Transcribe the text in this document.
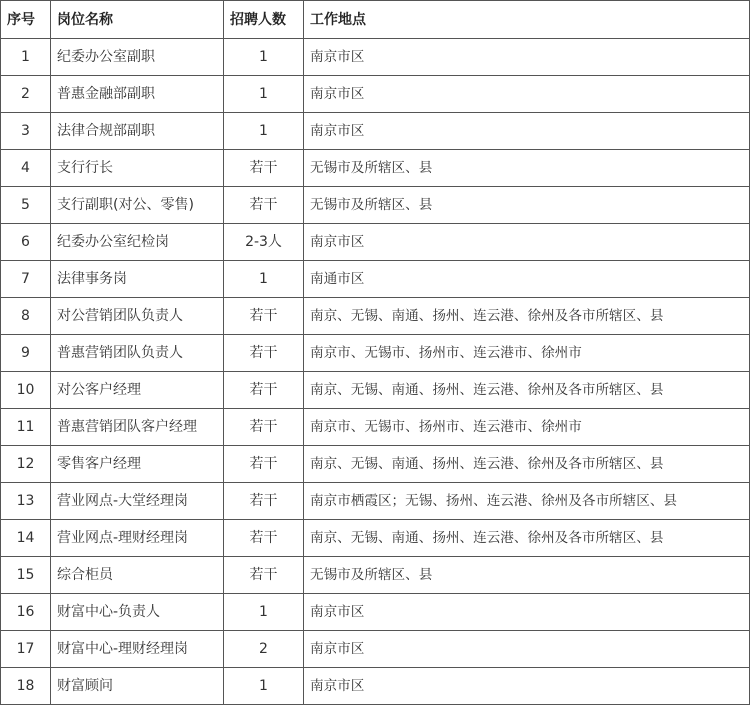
序号	岗位名称	招聘人数	工作地点
1	纪委办公室副职	1	南京市区
2	普惠金融部副职	1	南京市区
3	法律合规部副职	1	南京市区
4	支行行长	若干	无锡市及所辖区、县
5	支行副职(对公、零售)	若干	无锡市及所辖区、县
6	纪委办公室纪检岗	2-3人	南京市区
7	法律事务岗	1	南通市区
8	对公营销团队负责人	若干	南京、无锡、南通、扬州、连云港、徐州及各市所辖区、县
9	普惠营销团队负责人	若干	南京市、无锡市、扬州市、连云港市、徐州市
10	对公客户经理	若干	南京、无锡、南通、扬州、连云港、徐州及各市所辖区、县
11	普惠营销团队客户经理	若干	南京市、无锡市、扬州市、连云港市、徐州市
12	零售客户经理	若干	南京、无锡、南通、扬州、连云港、徐州及各市所辖区、县
13	营业网点-大堂经理岗	若干	南京市栖霞区；无锡、扬州、连云港、徐州及各市所辖区、县
14	营业网点-理财经理岗	若干	南京、无锡、南通、扬州、连云港、徐州及各市所辖区、县
15	综合柜员	若干	无锡市及所辖区、县
16	财富中心-负责人	1	南京市区
17	财富中心-理财经理岗	2	南京市区
18	财富顾问	1	南京市区
